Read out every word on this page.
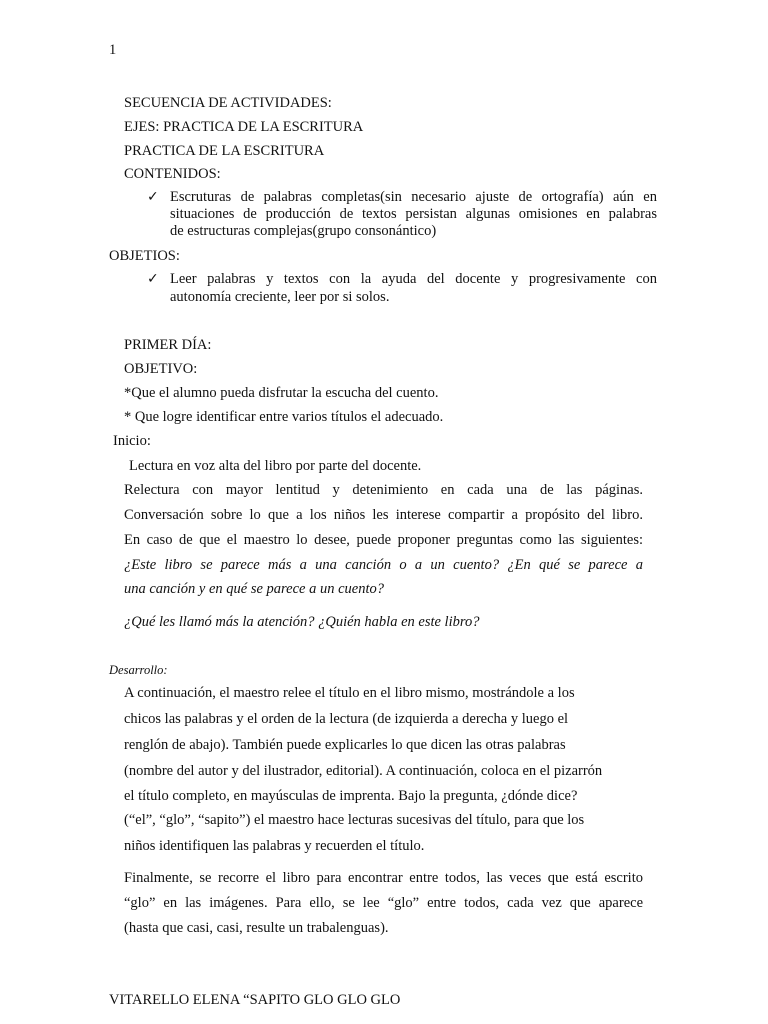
1
SECUENCIA DE ACTIVIDADES:
EJES: PRACTICA DE LA ESCRITURA
PRACTICA DE LA ESCRITURA
CONTENIDOS:
✓ Escruturas de palabras completas(sin necesario ajuste de ortografía) aún en
situaciones de producción de textos persistan algunas omisiones en palabras
de estructuras complejas(grupo consonántico)
OBJETIOS:
✓ Leer palabras y textos con la ayuda del docente y progresivamente con
autonomía creciente, leer por si solos.
PRIMER DÍA:
OBJETIVO:
*Que el alumno pueda disfrutar la escucha del cuento.
* Que logre identificar entre varios títulos el adecuado.
Inicio:
Lectura en voz alta del libro por parte del docente.
Relectura con mayor lentitud y detenimiento en cada una de las páginas.
Conversación sobre lo que a los niños les interese compartir a propósito del libro.
En caso de que el maestro lo desee, puede proponer preguntas como las siguientes:
¿Este libro se parece más a una canción o a un cuento? ¿En qué se parece a
una canción y en qué se parece a un cuento?
¿Qué les llamó más la atención? ¿Quién habla en este libro?
Desarrollo:
A continuación, el maestro relee el título en el libro mismo, mostrándole a los
chicos las palabras y el orden de la lectura (de izquierda a derecha y luego el
renglón de abajo). También puede explicarles lo que dicen las otras palabras
(nombre del autor y del ilustrador, editorial). A continuación, coloca en el pizarrón
el título completo, en mayúsculas de imprenta. Bajo la pregunta, ¿dónde dice?
(“el”, “glo”, “sapito”) el maestro hace lecturas sucesivas del título, para que los
niños identifiquen las palabras y recuerden el título.
Finalmente, se recorre el libro para encontrar entre todos, las veces que está escrito
“glo” en las imágenes. Para ello, se lee “glo” entre todos, cada vez que aparece
(hasta que casi, casi, resulte un trabalenguas).
VITARELLO ELENA “SAPITO GLO GLO GLO
